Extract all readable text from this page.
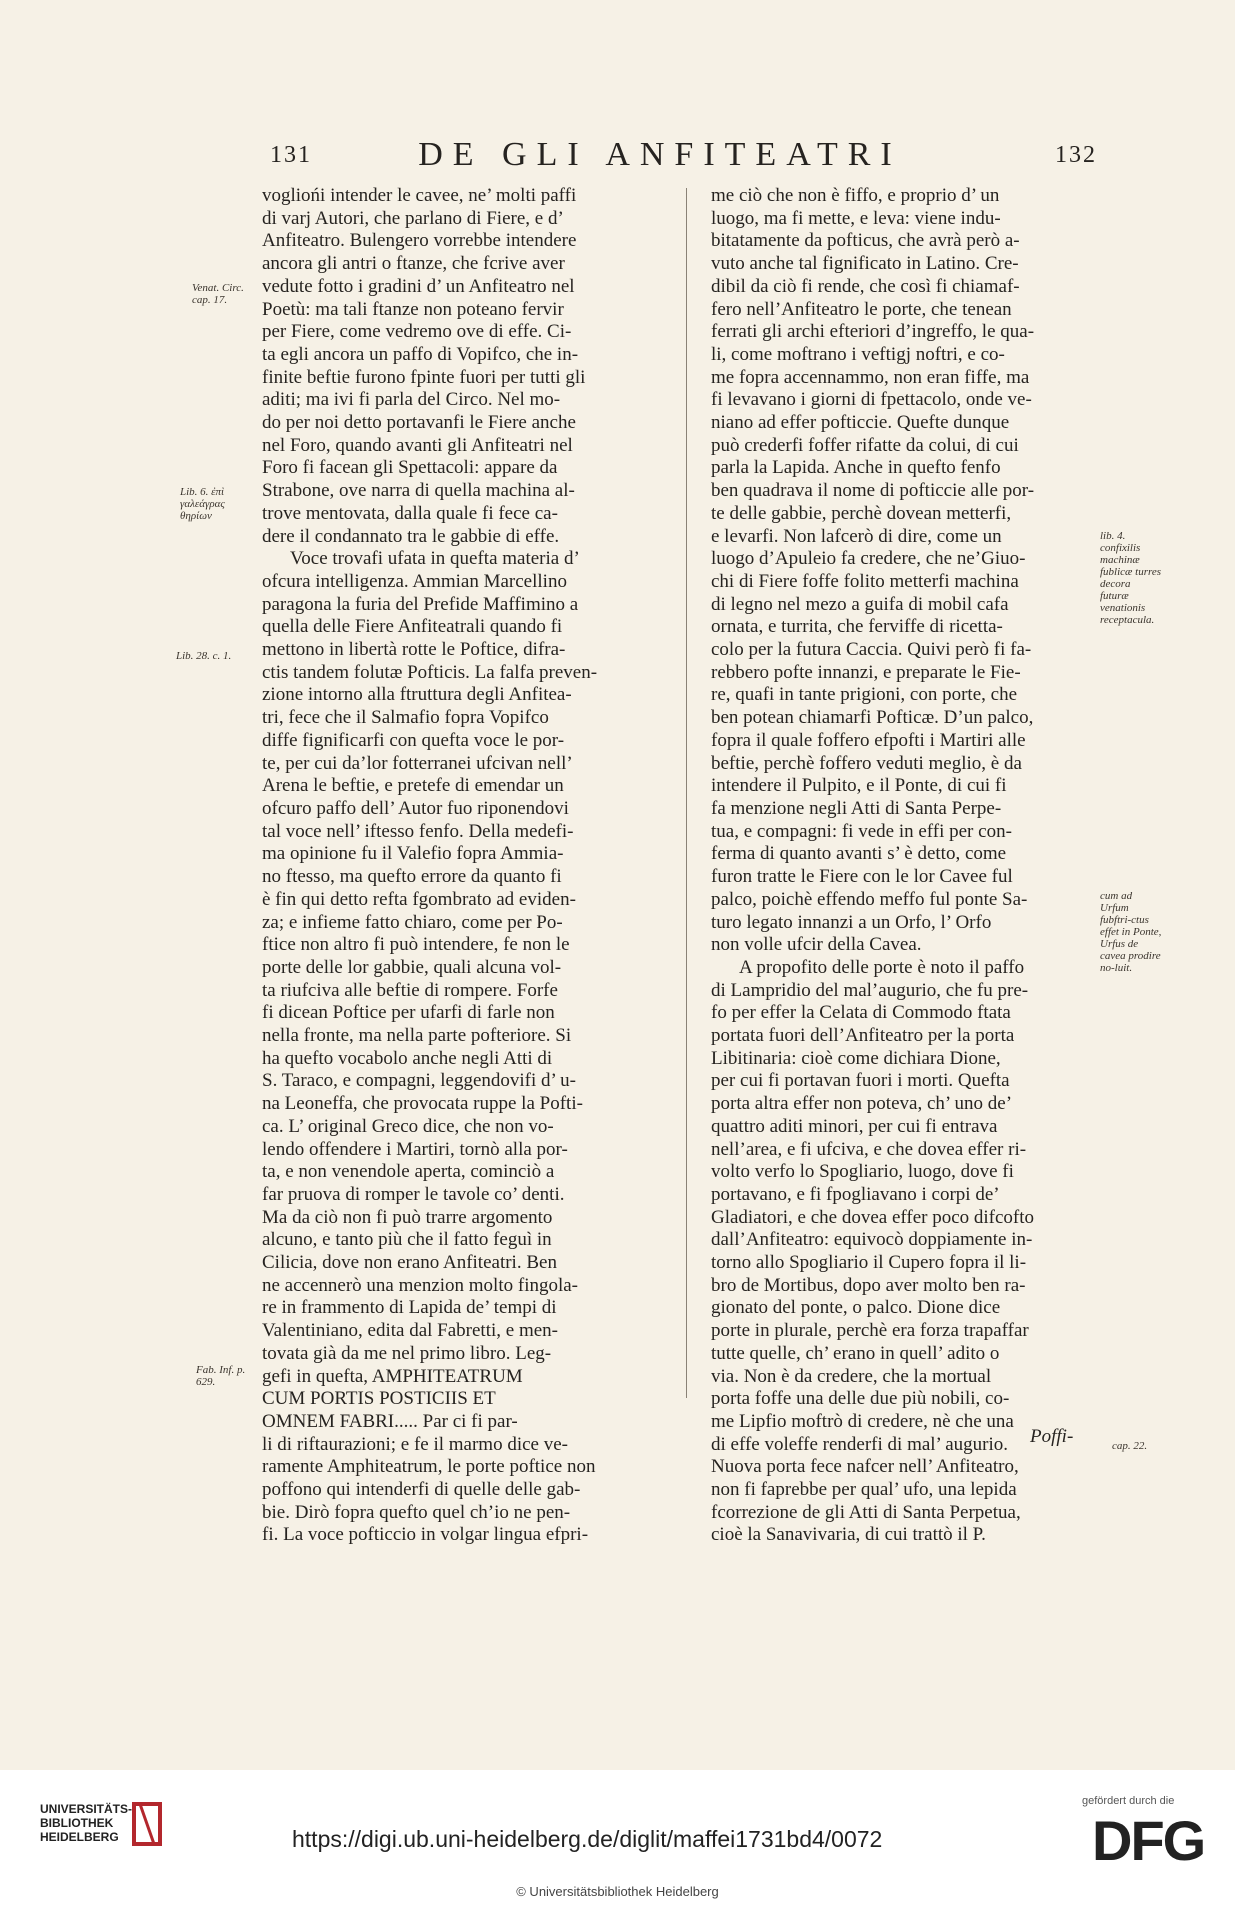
131	DE GLI ANFITEATRI	132

vogliońi intender le cavee, ne’ molti paffi

di varj Autori, che parlano di Fiere, e d’

Anfiteatro. Bulengero vorrebbe intendere

ancora gli antri o ftanze, che fcrive aver

vedute fotto i gradini d’ un Anfiteatro nel

Poetù: ma tali ftanze non poteano fervir

per Fiere, come vedremo ove di effe. Ci-

ta egli ancora un paffo di Vopifco, che in-

finite beftie furono fpinte fuori per tutti gli

aditi; ma ivi fi parla del Circo. Nel mo-

do per noi detto portavanfi le Fiere anche

nel Foro, quando avanti gli Anfiteatri nel

Foro fi facean gli Spettacoli: appare da

Strabone, ove narra di quella machina al-

trove mentovata, dalla quale fi fece ca-

dere il condannato tra le gabbie di effe.

Voce trovafi ufata in quefta materia d’

ofcura intelligenza. Ammian Marcellino

paragona la furia del Prefide Maffimino a

quella delle Fiere Anfiteatrali quando fi

mettono in libertà rotte le Poftice, difra-

ctis tandem folutæ Pofticis. La falfa preven-

zione intorno alla ftruttura degli Anfitea-

tri, fece che il Salmafio fopra Vopifco

diffe fignificarfi con quefta voce le por-

te, per cui da’lor fotterranei ufcivan nell’

Arena le beftie, e pretefe di emendar un

ofcuro paffo dell’ Autor fuo riponendovi

tal voce nell’ iftesso fenfo. Della medefi-

ma opinione fu il Valefio fopra Ammia-

no ftesso, ma quefto errore da quanto fi

è fin qui detto refta fgombrato ad eviden-

za; e infieme fatto chiaro, come per Po-

ftice non altro fi può intendere, fe non le

porte delle lor gabbie, quali alcuna vol-

ta riufciva alle beftie di rompere. Forfe

fi dicean Poftice per ufarfi di farle non

nella fronte, ma nella parte pofteriore. Si

ha quefto vocabolo anche negli Atti di

S. Taraco, e compagni, leggendovifi d’ u-

na Leoneffa, che provocata ruppe la Pofti-

ca. L’ original Greco dice, che non vo-

lendo offendere i Martiri, tornò alla por-

ta, e non venendole aperta, cominciò a

far pruova di romper le tavole co’ denti.

Ma da ciò non fi può trarre argomento

alcuno, e tanto più che il fatto feguì in

Cilicia, dove non erano Anfiteatri. Ben

ne accennerò una menzion molto fingola-

re in frammento di Lapida de’ tempi di

Valentiniano, edita dal Fabretti, e men-

tovata già da me nel primo libro. Leg-

gefi in quefta, AMPHITEATRUM

CUM PORTIS POSTICIIS ET

OMNEM FABRI..... Par ci fi par-

li di riftaurazioni; e fe il marmo dice ve-

ramente Amphiteatrum, le porte poftice non

poffono qui intenderfi di quelle delle gab-

bie. Dirò fopra quefto quel ch’io ne pen-

fi. La voce pofticcio in volgar lingua efpri-

me ciò che non è fiffo, e proprio d’ un

luogo, ma fi mette, e leva: viene indu-

bitatamente da pofticus, che avrà però a-

vuto anche tal fignificato in Latino. Cre-

dibil da ciò fi rende, che così fi chiamaf-

fero nell’Anfiteatro le porte, che tenean

ferrati gli archi efteriori d’ingreffo, le qua-

li, come moftrano i veftigj noftri, e co-

me fopra accennammo, non eran fiffe, ma

fi levavano i giorni di fpettacolo, onde ve-

niano ad effer pofticcie. Quefte dunque

può crederfi foffer rifatte da colui, di cui

parla la Lapida. Anche in quefto fenfo

ben quadrava il nome di pofticcie alle por-

te delle gabbie, perchè dovean metterfi,

e levarfi. Non lafcerò di dire, come un

luogo d’Apuleio fa credere, che ne’Giuo-

chi di Fiere foffe folito metterfi machina

di legno nel mezo a guifa di mobil cafa

ornata, e turrita, che ferviffe di ricetta-

colo per la futura Caccia. Quivi però fi fa-

rebbero pofte innanzi, e preparate le Fie-

re, quafi in tante prigioni, con porte, che

ben potean chiamarfi Pofticæ. D’un palco,

fopra il quale foffero efpofti i Martiri alle

beftie, perchè foffero veduti meglio, è da

intendere il Pulpito, e il Ponte, di cui fi

fa menzione negli Atti di Santa Perpe-

tua, e compagni: fi vede in effi per con-

ferma di quanto avanti s’ è detto, come

furon tratte le Fiere con le lor Cavee ful

palco, poichè effendo meffo ful ponte Sa-

turo legato innanzi a un Orfo, l’ Orfo

non volle ufcir della Cavea.

A propofito delle porte è noto il paffo

di Lampridio del mal’augurio, che fu pre-

fo per effer la Celata di Commodo ftata

portata fuori dell’Anfiteatro per la porta

Libitinaria: cioè come dichiara Dione,

per cui fi portavan fuori i morti. Quefta

porta altra effer non poteva, ch’ uno de’

quattro aditi minori, per cui fi entrava

nell’area, e fi ufciva, e che dovea effer ri-

volto verfo lo Spogliario, luogo, dove fi

portavano, e fi fpogliavano i corpi de’

Gladiatori, e che dovea effer poco difcofto

dall’Anfiteatro: equivocò doppiamente in-

torno allo Spogliario il Cupero fopra il li-

bro de Mortibus, dopo aver molto ben ra-

gionato del ponte, o palco. Dione dice

porte in plurale, perchè era forza trapaffar

tutte quelle, ch’ erano in quell’ adito o

via. Non è da credere, che la mortual

porta foffe una delle due più nobili, co-

me Lipfio moftrò di credere, nè che una

di effe voleffe renderfi di mal’ augurio.

Nuova porta fece nafcer nell’ Anfiteatro,

non fi faprebbe per qual’ ufo, una lepida

fcorrezione de gli Atti di Santa Perpetua,

cioè la Sanavivaria, di cui trattò il P.

Venat. Circ. cap. 17.
Lib. 6. ἐπὶ γαλεάγρας θηρίων
Lib. 28. c. 1.
Fab. Inf. p. 629.
lib. 4. confixilis machinæ fublicæ turres decora futuræ venationis receptacula.
cum ad Urfum fubftri-ctus effet in Ponte, Urfus de cavea prodire no-luit.
cap. 22.
Poffi-
UNIVERSITÄTS-BIBLIOTHEK HEIDELBERG	https://digi.ub.uni-heidelberg.de/diglit/maffei1731bd4/0072
© Universitätsbibliothek Heidelberg
gefördert durch die
DFG
